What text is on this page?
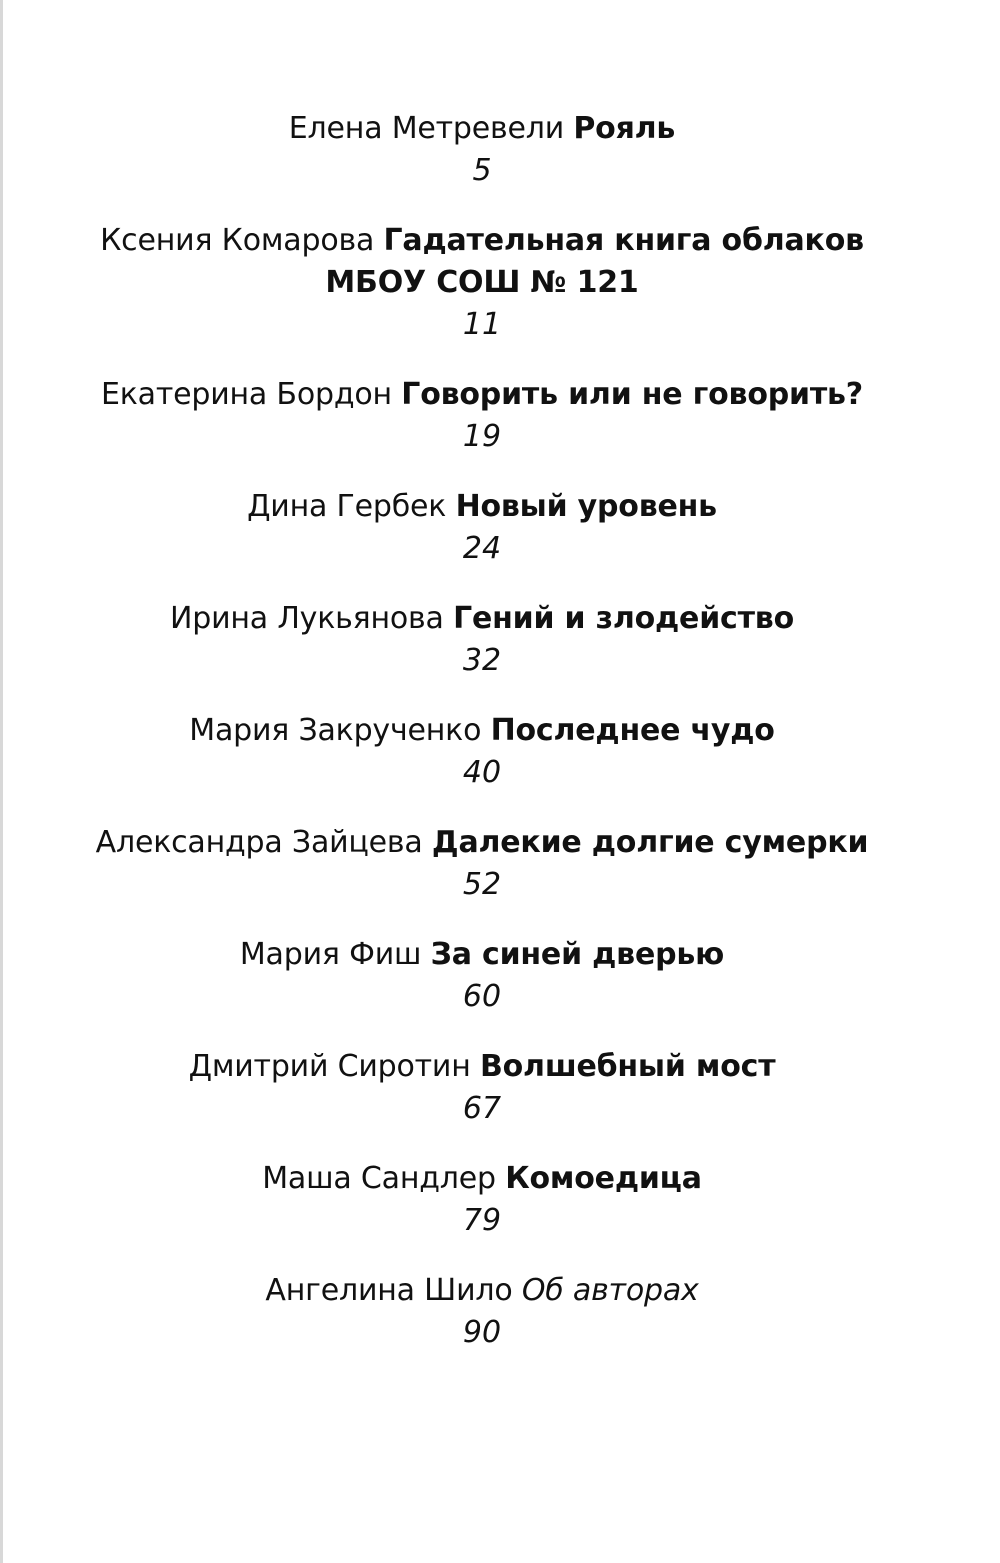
Елена Метревели Рояль
5
Ксения Комарова Гадательная книга облаков
МБОУ СОШ № 121
11
Екатерина Бордон Говорить или не говорить?
19
Дина Гербек Новый уровень
24
Ирина Лукьянова Гений и злодейство
32
Мария Закрученко Последнее чудо
40
Александра Зайцева Далекие долгие сумерки
52
Мария Фиш За синей дверью
60
Дмитрий Сиротин Волшебный мост
67
Маша Сандлер Комоедица
79
Ангелина Шило Об авторах
90
